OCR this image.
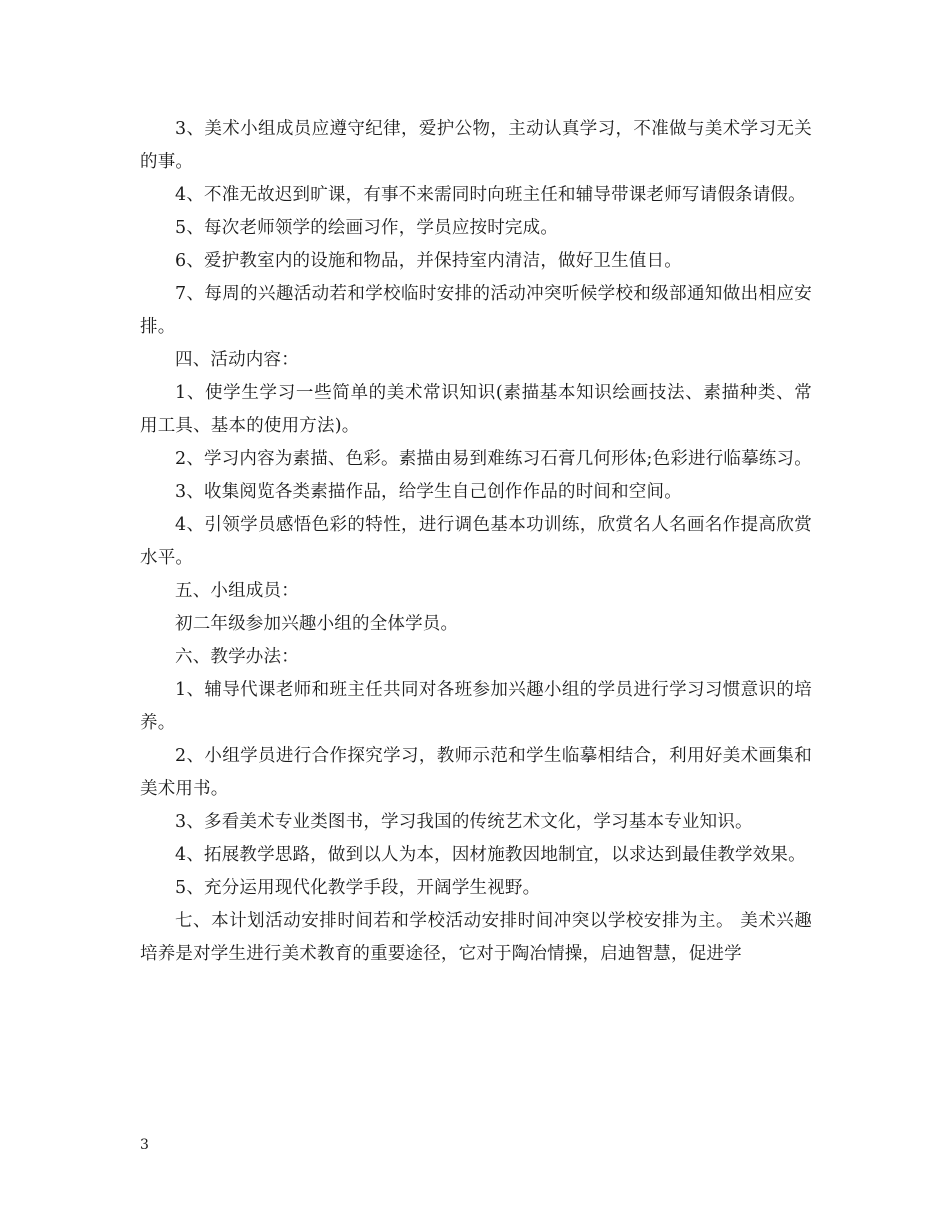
3、美术小组成员应遵守纪律，爱护公物，主动认真学习，不准做与美术学习无关的事。

4、不准无故迟到旷课，有事不来需同时向班主任和辅导带课老师写请假条请假。

5、每次老师领学的绘画习作，学员应按时完成。

6、爱护教室内的设施和物品，并保持室内清洁，做好卫生值日。

7、每周的兴趣活动若和学校临时安排的活动冲突听候学校和级部通知做出相应安排。

四、活动内容：

1、使学生学习一些简单的美术常识知识(素描基本知识绘画技法、素描种类、常用工具、基本的使用方法)。

2、学习内容为素描、色彩。素描由易到难练习石膏几何形体;色彩进行临摹练习。

3、收集阅览各类素描作品，给学生自己创作作品的时间和空间。

4、引领学员感悟色彩的特性，进行调色基本功训练，欣赏名人名画名作提高欣赏水平。

五、小组成员：

初二年级参加兴趣小组的全体学员。

六、教学办法：

1、辅导代课老师和班主任共同对各班参加兴趣小组的学员进行学习习惯意识的培养。

2、小组学员进行合作探究学习，教师示范和学生临摹相结合，利用好美术画集和美术用书。

3、多看美术专业类图书，学习我国的传统艺术文化，学习基本专业知识。

4、拓展教学思路，做到以人为本，因材施教因地制宜，以求达到最佳教学效果。

5、充分运用现代化教学手段，开阔学生视野。

七、本计划活动安排时间若和学校活动安排时间冲突以学校安排为主。 美术兴趣培养是对学生进行美术教育的重要途径，它对于陶冶情操，启迪智慧，促进学

3
